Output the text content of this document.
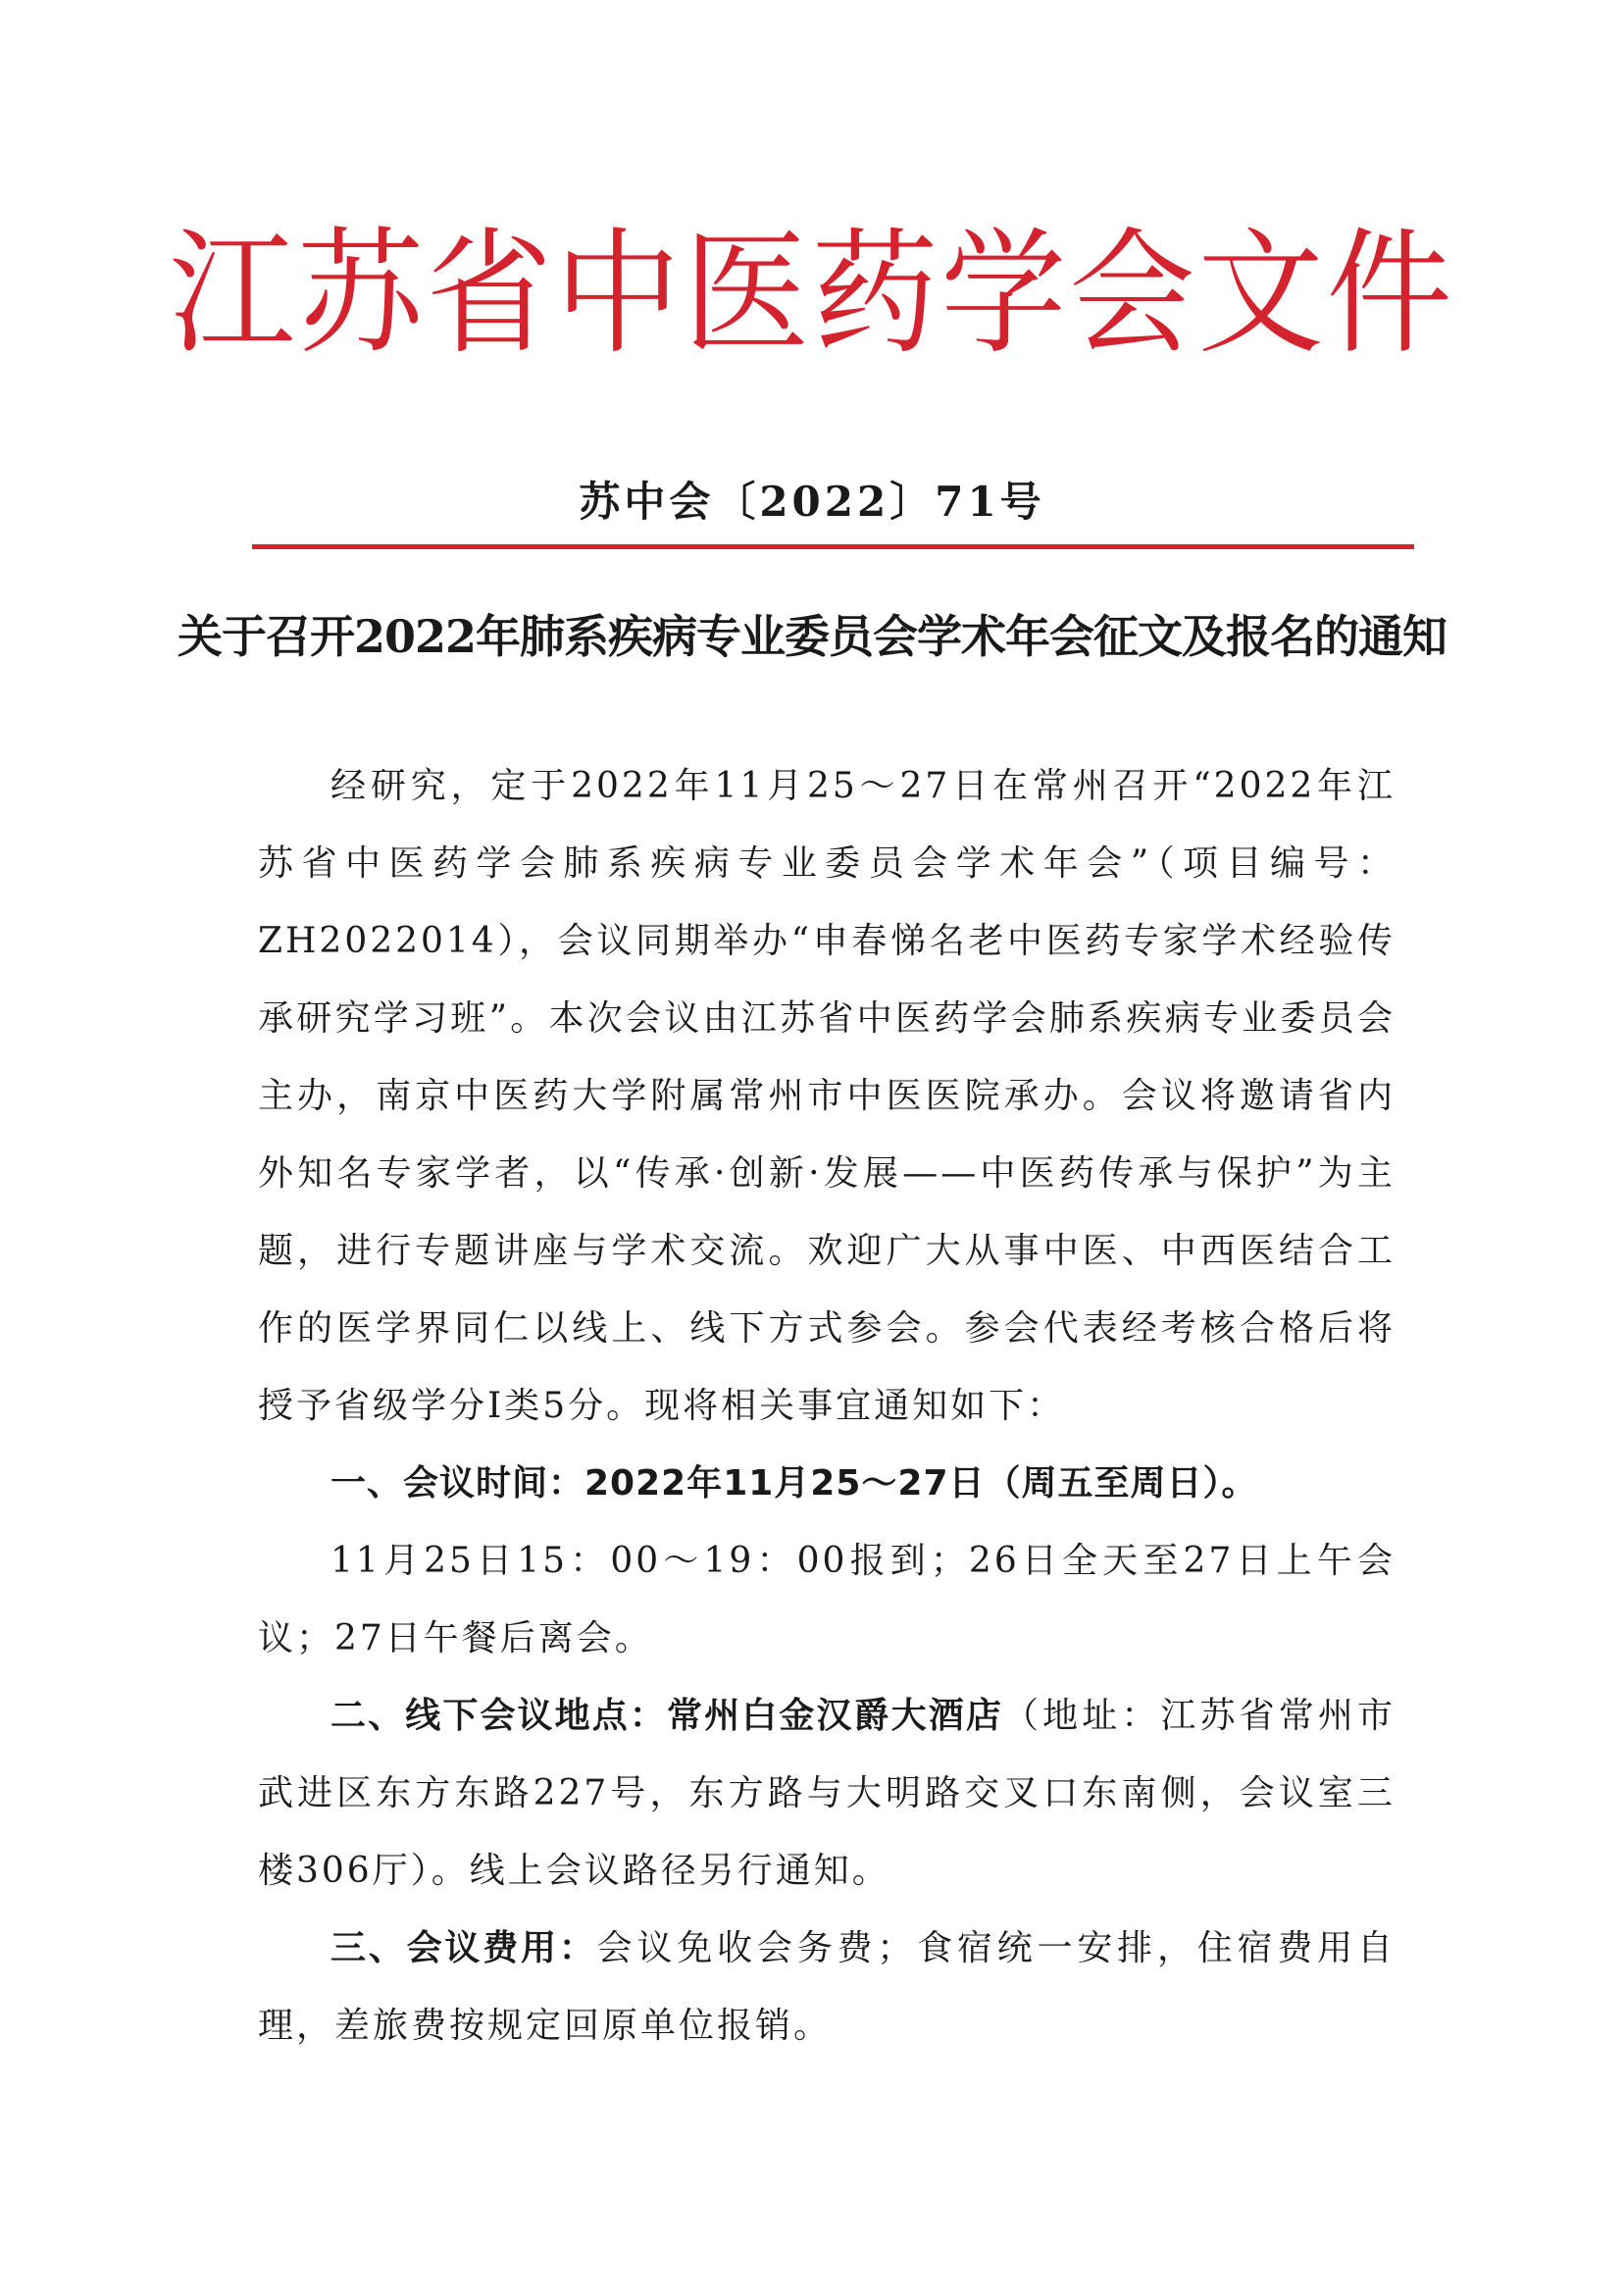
江苏省中医药学会文件
苏中会〔2022〕71号
关于召开2022年肺系疾病专业委员会学术年会征文及报名的通知

经研究，定于2022年11月25～27日在常州召开“2022年江苏省中医药学会肺系疾病专业委员会学术年会”（项目编号：ZH2022014），会议同期举办“申春悌名老中医药专家学术经验传承研究学习班”。本次会议由江苏省中医药学会肺系疾病专业委员会主办，南京中医药大学附属常州市中医医院承办。会议将邀请省内外知名专家学者，以“传承·创新·发展——中医药传承与保护”为主题，进行专题讲座与学术交流。欢迎广大从事中医、中西医结合工作的医学界同仁以线上、线下方式参会。参会代表经考核合格后将授予省级学分Ⅰ类5分。现将相关事宜通知如下：

一、会议时间：2022年11月25～27日（周五至周日）。

11月25日15：00～19：00报到；26日全天至27日上午会议；27日午餐后离会。

二、线下会议地点：常州白金汉爵大酒店（地址：江苏省常州市武进区东方东路227号，东方路与大明路交叉口东南侧，会议室三楼306厅）。线上会议路径另行通知。

三、会议费用：会议免收会务费；食宿统一安排，住宿费用自理，差旅费按规定回原单位报销。
